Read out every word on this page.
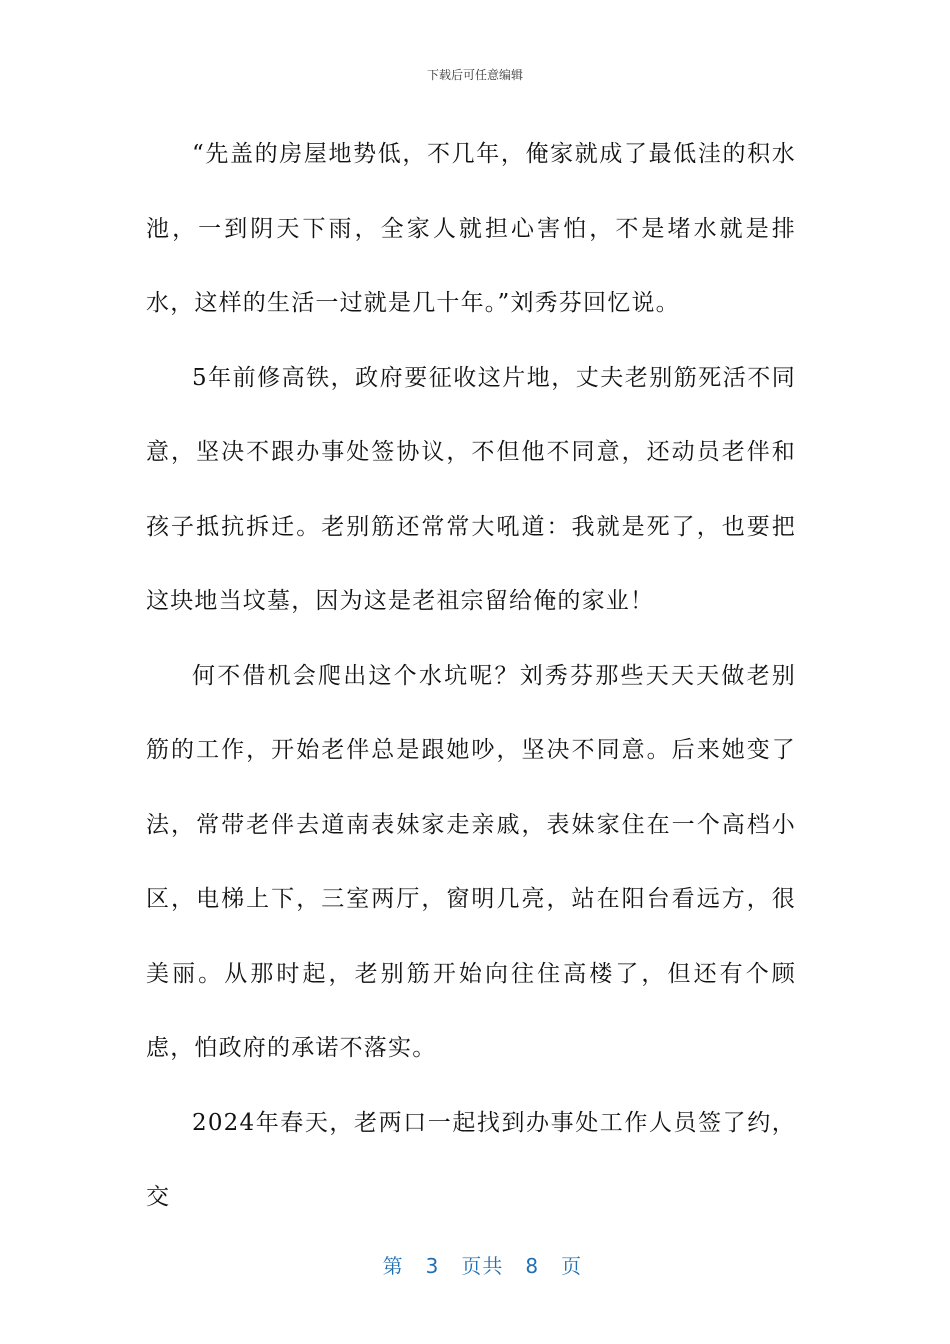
下载后可任意编辑

“先盖的房屋地势低，不几年，俺家就成了最低洼的积水池，一到阴天下雨，全家人就担心害怕，不是堵水就是排水，这样的生活一过就是几十年。”刘秀芬回忆说。

5年前修高铁，政府要征收这片地，丈夫老别筋死活不同意，坚决不跟办事处签协议，不但他不同意，还动员老伴和孩子抵抗拆迁。老别筋还常常大吼道：我就是死了，也要把这块地当坟墓，因为这是老祖宗留给俺的家业！

何不借机会爬出这个水坑呢？刘秀芬那些天天天做老别筋的工作，开始老伴总是跟她吵，坚决不同意。后来她变了法，常带老伴去道南表妹家走亲戚，表妹家住在一个高档小区，电梯上下，三室两厅，窗明几亮，站在阳台看远方，很美丽。从那时起，老别筋开始向往住高楼了，但还有个顾虑，怕政府的承诺不落实。

2024年春天，老两口一起找到办事处工作人员签了约，交

第 3 页共 8 页
